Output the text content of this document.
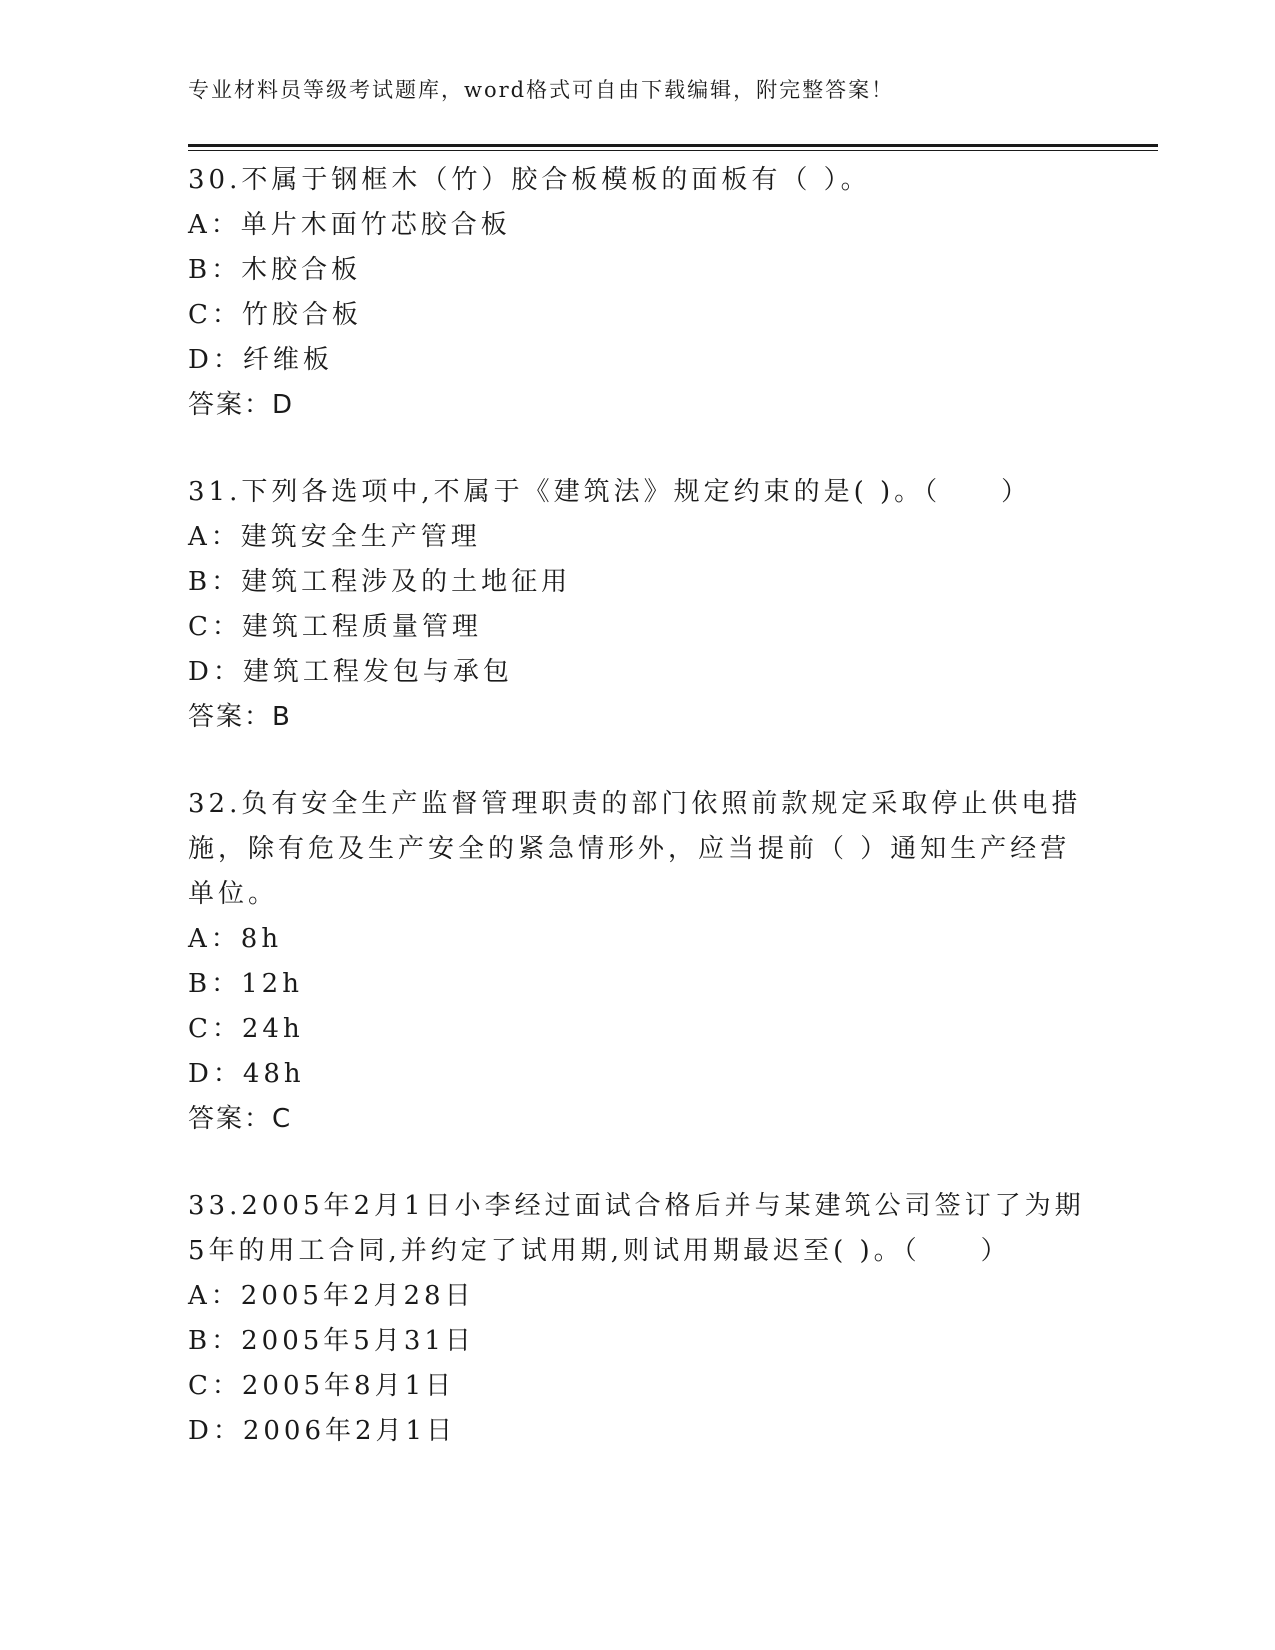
专业材料员等级考试题库，word格式可自由下载编辑，附完整答案！

30.不属于钢框木（竹）胶合板模板的面板有（ ）。

A：单片木面竹芯胶合板

B：木胶合板

C：竹胶合板

D：纤维板

答案：D

31.下列各选项中,不属于《建筑法》规定约束的是( )。（　　）

A：建筑安全生产管理

B：建筑工程涉及的土地征用

C：建筑工程质量管理

D：建筑工程发包与承包

答案：B

32.负有安全生产监督管理职责的部门依照前款规定采取停止供电措施，除有危及生产安全的紧急情形外，应当提前（ ）通知生产经营单位。

A：8h

B：12h

C：24h

D：48h

答案：C

33.2005年2月1日小李经过面试合格后并与某建筑公司签订了为期5年的用工合同,并约定了试用期,则试用期最迟至( )。（　　）

A：2005年2月28日

B：2005年5月31日

C：2005年8月1日

D：2006年2月1日
